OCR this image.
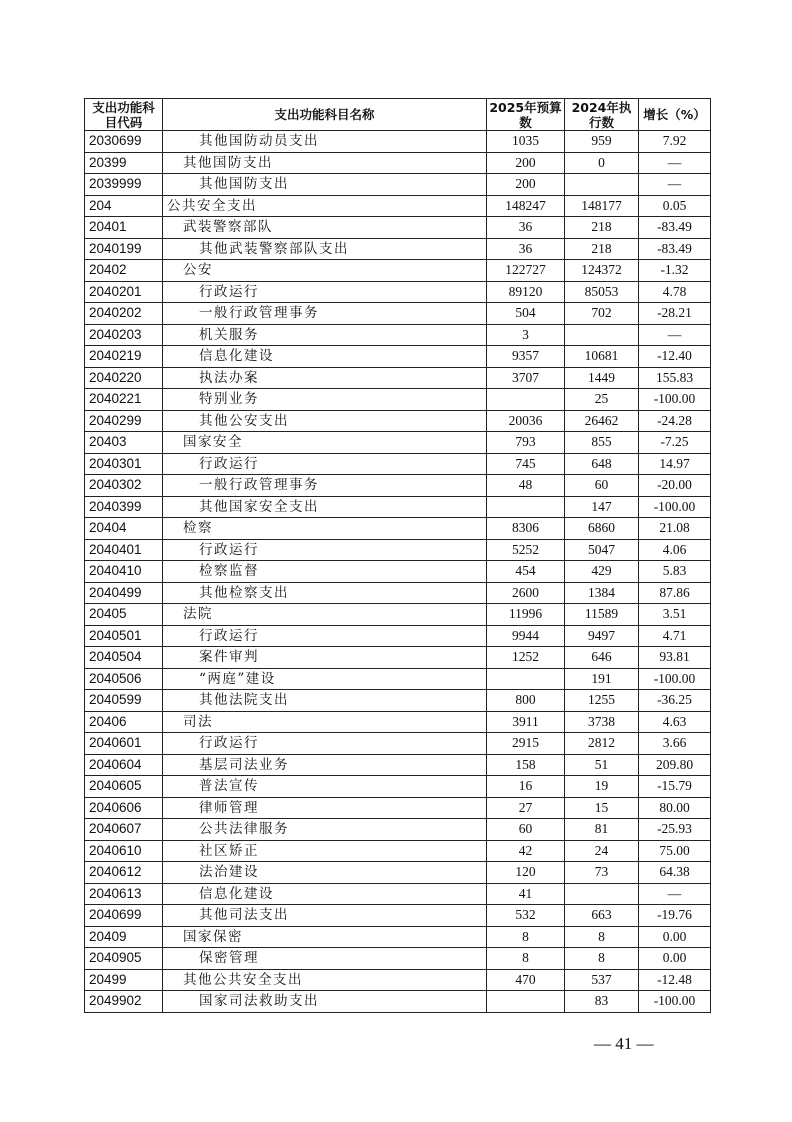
支出功能科目代码	支出功能科目名称	2025年预算数	2024年执行数	增长（%）
2030699	其他国防动员支出	1035	959	7.92
20399	其他国防支出	200	0	—
2039999	其他国防支出	200		—
204	公共安全支出	148247	148177	0.05
20401	武装警察部队	36	218	-83.49
2040199	其他武装警察部队支出	36	218	-83.49
20402	公安	122727	124372	-1.32
2040201	行政运行	89120	85053	4.78
2040202	一般行政管理事务	504	702	-28.21
2040203	机关服务	3		—
2040219	信息化建设	9357	10681	-12.40
2040220	执法办案	3707	1449	155.83
2040221	特别业务		25	-100.00
2040299	其他公安支出	20036	26462	-24.28
20403	国家安全	793	855	-7.25
2040301	行政运行	745	648	14.97
2040302	一般行政管理事务	48	60	-20.00
2040399	其他国家安全支出		147	-100.00
20404	检察	8306	6860	21.08
2040401	行政运行	5252	5047	4.06
2040410	检察监督	454	429	5.83
2040499	其他检察支出	2600	1384	87.86
20405	法院	11996	11589	3.51
2040501	行政运行	9944	9497	4.71
2040504	案件审判	1252	646	93.81
2040506	“两庭”建设		191	-100.00
2040599	其他法院支出	800	1255	-36.25
20406	司法	3911	3738	4.63
2040601	行政运行	2915	2812	3.66
2040604	基层司法业务	158	51	209.80
2040605	普法宣传	16	19	-15.79
2040606	律师管理	27	15	80.00
2040607	公共法律服务	60	81	-25.93
2040610	社区矫正	42	24	75.00
2040612	法治建设	120	73	64.38
2040613	信息化建设	41		—
2040699	其他司法支出	532	663	-19.76
20409	国家保密	8	8	0.00
2040905	保密管理	8	8	0.00
20499	其他公共安全支出	470	537	-12.48
2049902	国家司法救助支出		83	-100.00
— 41 —
